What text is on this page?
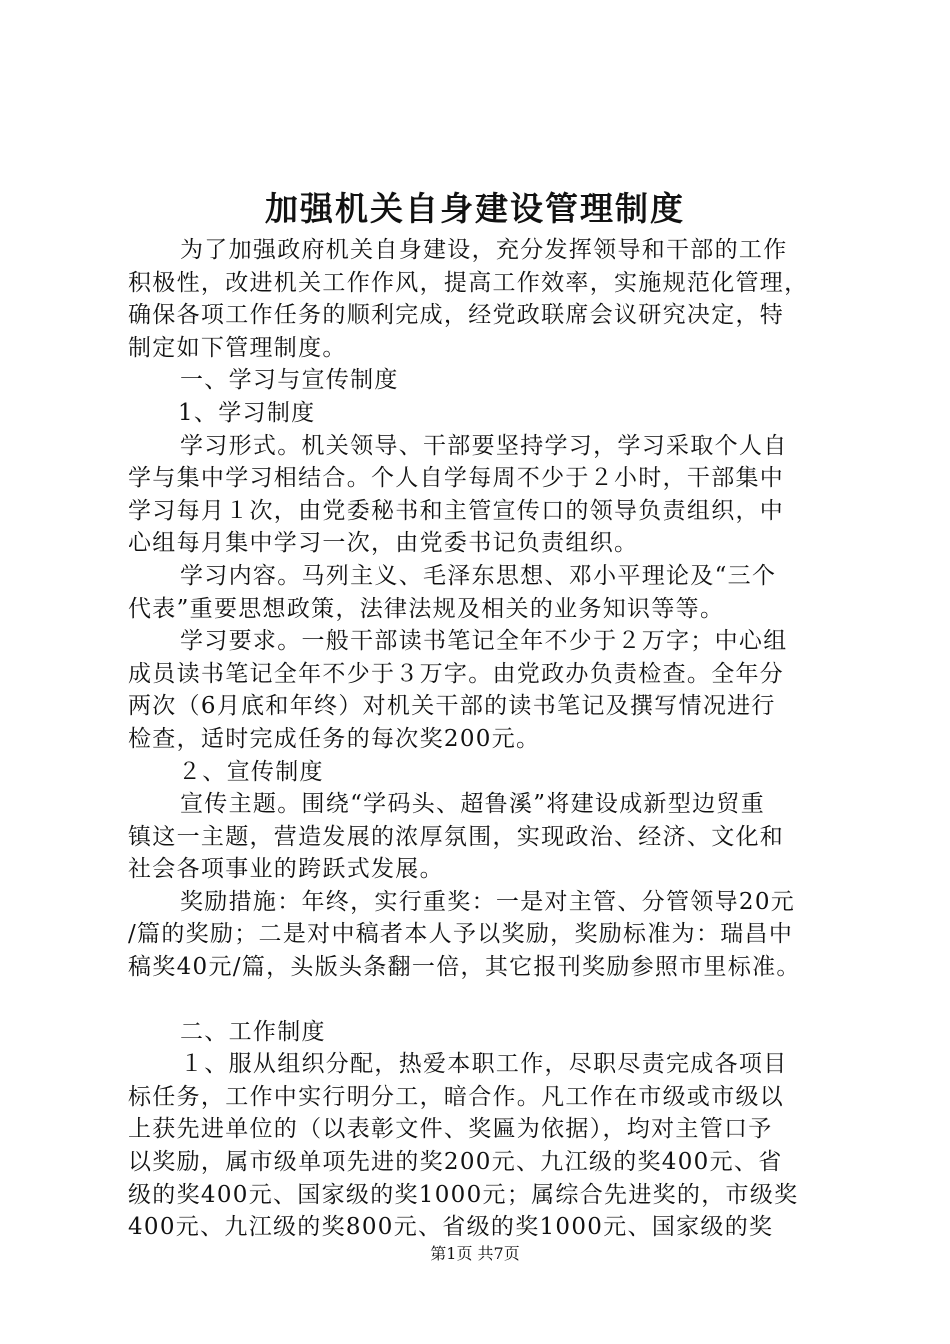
加强机关自身建设管理制度
为了加强政府机关自身建设，充分发挥领导和干部的工作
积极性，改进机关工作作风，提高工作效率，实施规范化管理，
确保各项工作任务的顺利完成，经党政联席会议研究决定，特
制定如下管理制度。
一、学习与宣传制度
1、学习制度
学习形式。机关领导、干部要坚持学习，学习采取个人自
学与集中学习相结合。个人自学每周不少于２小时，干部集中
学习每月１次，由党委秘书和主管宣传口的领导负责组织，中
心组每月集中学习一次，由党委书记负责组织。
学习内容。马列主义、毛泽东思想、邓小平理论及“三个
代表”重要思想政策，法律法规及相关的业务知识等等。
学习要求。一般干部读书笔记全年不少于２万字；中心组
成员读书笔记全年不少于３万字。由党政办负责检查。全年分
两次（6月底和年终）对机关干部的读书笔记及撰写情况进行
检查，适时完成任务的每次奖200元。
２、宣传制度
宣传主题。围绕“学码头、超鲁溪”将建设成新型边贸重
镇这一主题，营造发展的浓厚氛围，实现政治、经济、文化和
社会各项事业的跨跃式发展。
奖励措施：年终，实行重奖：一是对主管、分管领导20元
/篇的奖励；二是对中稿者本人予以奖励，奖励标准为：瑞昌中
稿奖40元/篇，头版头条翻一倍，其它报刊奖励参照市里标准。
二、工作制度
１、服从组织分配，热爱本职工作，尽职尽责完成各项目
标任务，工作中实行明分工，暗合作。凡工作在市级或市级以
上获先进单位的（以表彰文件、奖匾为依据），均对主管口予
以奖励，属市级单项先进的奖200元、九江级的奖400元、省
级的奖400元、国家级的奖1000元；属综合先进奖的，市级奖
400元、九江级的奖800元、省级的奖1000元、国家级的奖
第1页 共7页
